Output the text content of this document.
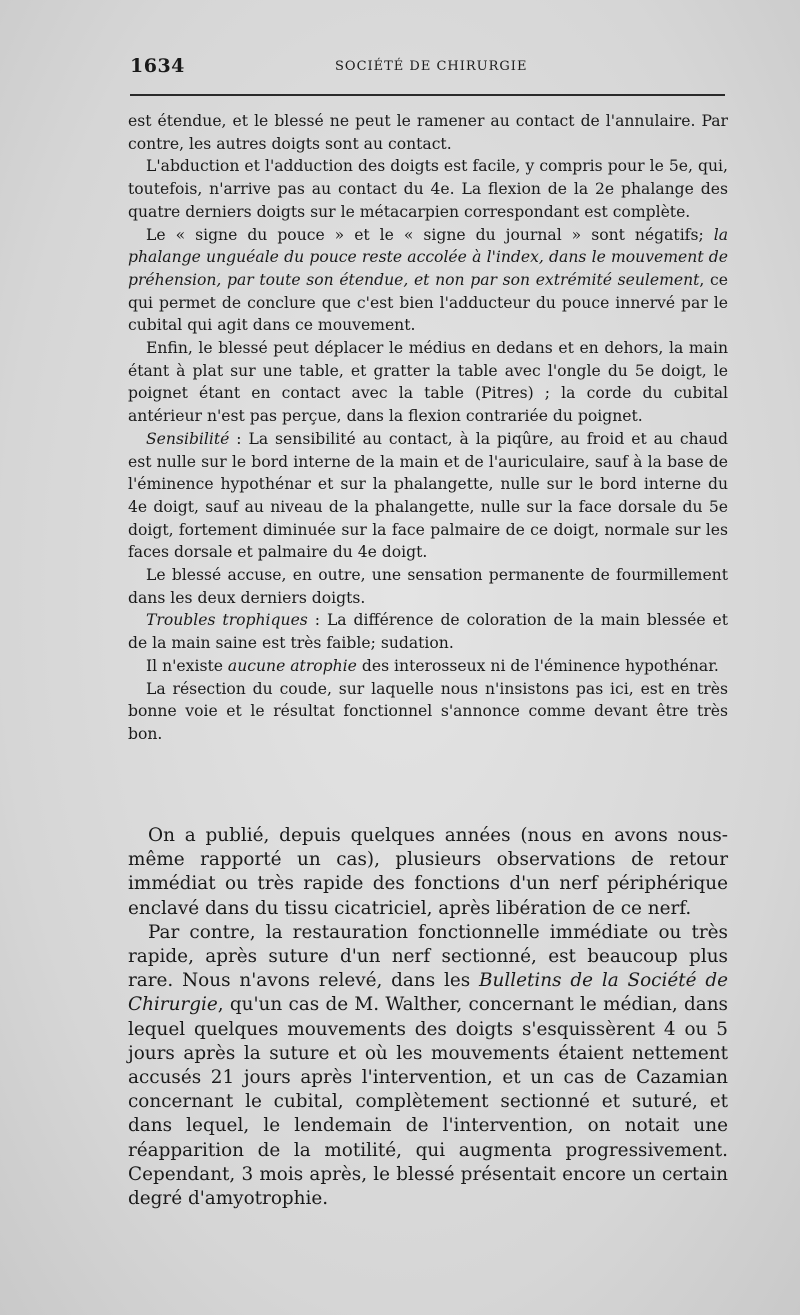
1634	SOCIÉTÉ DE CHIRURGIE

est étendue, et le blessé ne peut le ramener au contact de l'annulaire. Par contre, les autres doigts sont au contact.

L'abduction et l'adduction des doigts est facile, y compris pour le 5e, qui, toutefois, n'arrive pas au contact du 4e. La flexion de la 2e phalange des quatre derniers doigts sur le métacarpien correspondant est complète.

Le « signe du pouce » et le « signe du journal » sont négatifs; la phalange unguéale du pouce reste accolée à l'index, dans le mouvement de préhension, par toute son étendue, et non par son extrémité seulement, ce qui permet de conclure que c'est bien l'adducteur du pouce innervé par le cubital qui agit dans ce mouvement.

Enfin, le blessé peut déplacer le médius en dedans et en dehors, la main étant à plat sur une table, et gratter la table avec l'ongle du 5e doigt, le poignet étant en contact avec la table (Pitres) ; la corde du cubital antérieur n'est pas perçue, dans la flexion contrariée du poignet.

Sensibilité : La sensibilité au contact, à la piqûre, au froid et au chaud est nulle sur le bord interne de la main et de l'auriculaire, sauf à la base de l'éminence hypothénar et sur la phalangette, nulle sur le bord interne du 4e doigt, sauf au niveau de la phalangette, nulle sur la face dorsale du 5e doigt, fortement diminuée sur la face palmaire de ce doigt, normale sur les faces dorsale et palmaire du 4e doigt.

Le blessé accuse, en outre, une sensation permanente de fourmillement dans les deux derniers doigts.

Troubles trophiques : La différence de coloration de la main blessée et de la main saine est très faible; sudation.

Il n'existe aucune atrophie des interosseux ni de l'éminence hypothénar.

La résection du coude, sur laquelle nous n'insistons pas ici, est en très bonne voie et le résultat fonctionnel s'annonce comme devant être très bon.

On a publié, depuis quelques années (nous en avons nous-même rapporté un cas), plusieurs observations de retour immédiat ou très rapide des fonctions d'un nerf périphérique enclavé dans du tissu cicatriciel, après libération de ce nerf.

Par contre, la restauration fonctionnelle immédiate ou très rapide, après suture d'un nerf sectionné, est beaucoup plus rare. Nous n'avons relevé, dans les Bulletins de la Société de Chirurgie, qu'un cas de M. Walther, concernant le médian, dans lequel quelques mouvements des doigts s'esquissèrent 4 ou 5 jours après la suture et où les mouvements étaient nettement accusés 21 jours après l'intervention, et un cas de Cazamian concernant le cubital, complètement sectionné et suturé, et dans lequel, le lendemain de l'intervention, on notait une réapparition de la motilité, qui augmenta progressivement. Cependant, 3 mois après, le blessé présentait encore un certain degré d'amyotrophie.
